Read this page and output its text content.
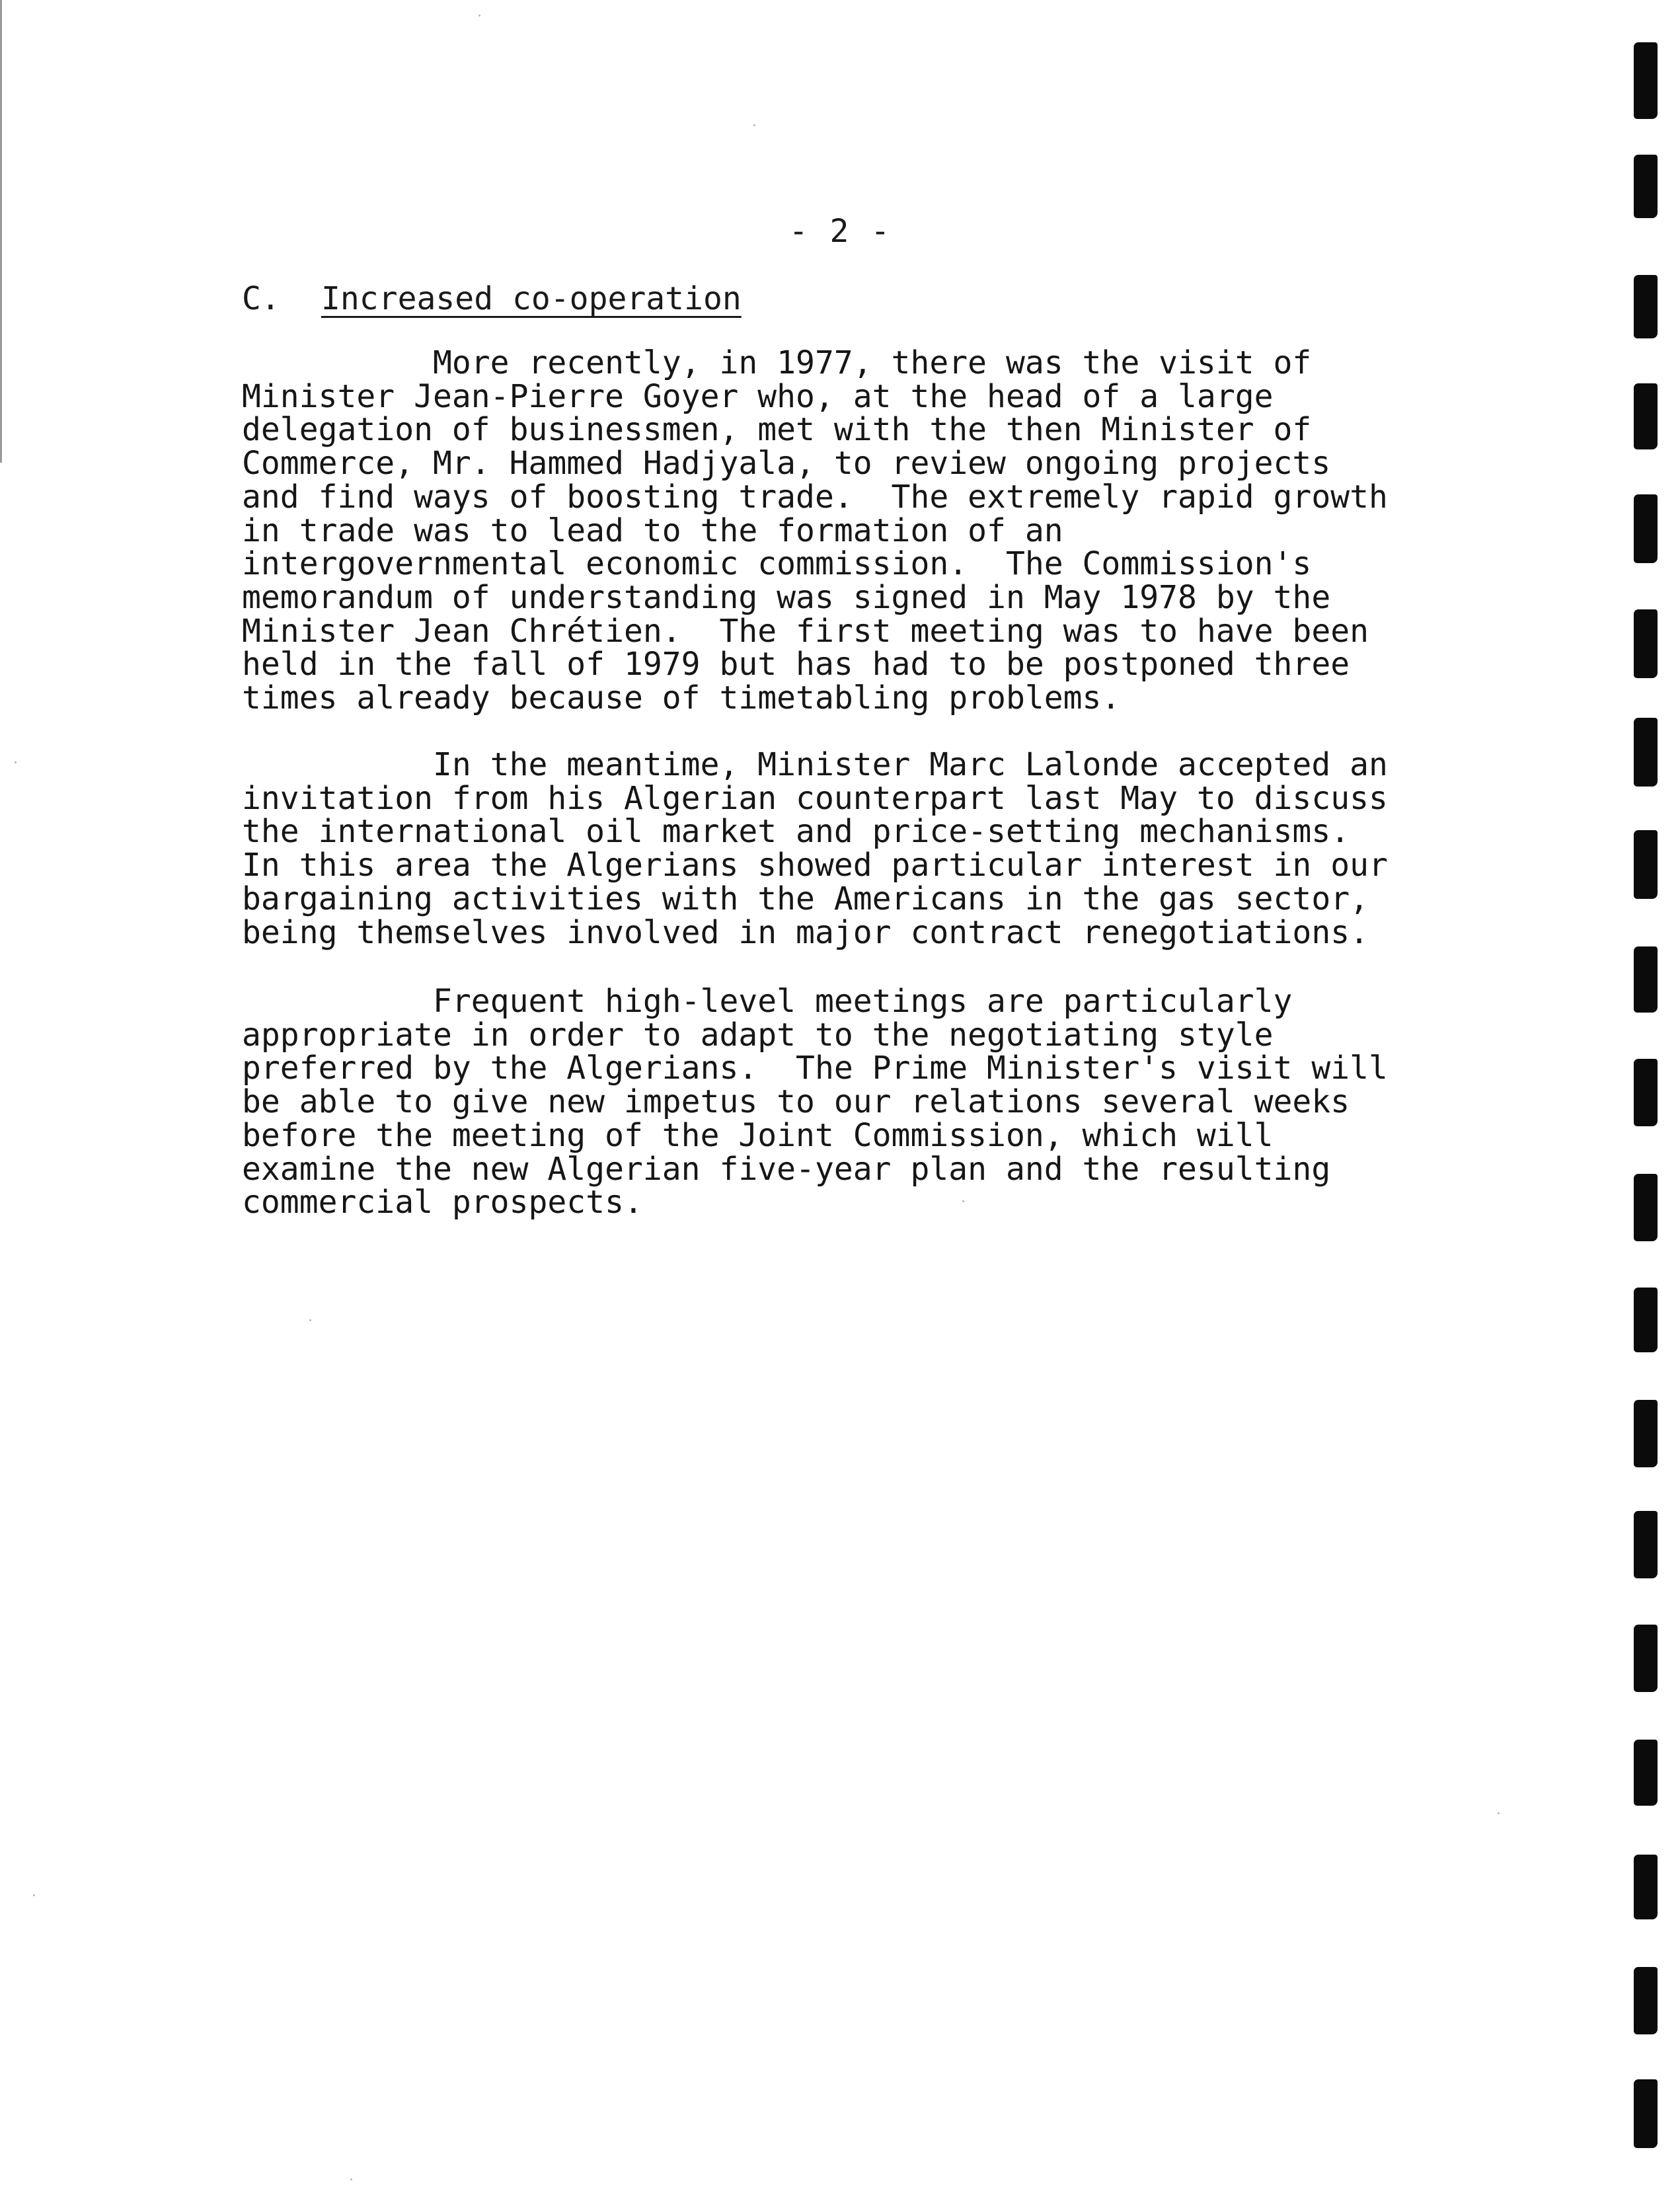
- 2 -
C. Increased co-operation

More recently, in 1977, there was the visit of
Minister Jean-Pierre Goyer who, at the head of a large
delegation of businessmen, met with the then Minister of
Commerce, Mr. Hammed Hadjyala, to review ongoing projects
and find ways of boosting trade.  The extremely rapid growth
in trade was to lead to the formation of an
intergovernmental economic commission.  The Commission's
memorandum of understanding was signed in May 1978 by the
Minister Jean Chrétien.  The first meeting was to have been
held in the fall of 1979 but has had to be postponed three
times already because of timetabling problems.

In the meantime, Minister Marc Lalonde accepted an
invitation from his Algerian counterpart last May to discuss
the international oil market and price-setting mechanisms.
In this area the Algerians showed particular interest in our
bargaining activities with the Americans in the gas sector,
being themselves involved in major contract renegotiations.

Frequent high-level meetings are particularly
appropriate in order to adapt to the negotiating style
preferred by the Algerians.  The Prime Minister's visit will
be able to give new impetus to our relations several weeks
before the meeting of the Joint Commission, which will
examine the new Algerian five-year plan and the resulting
commercial prospects.
